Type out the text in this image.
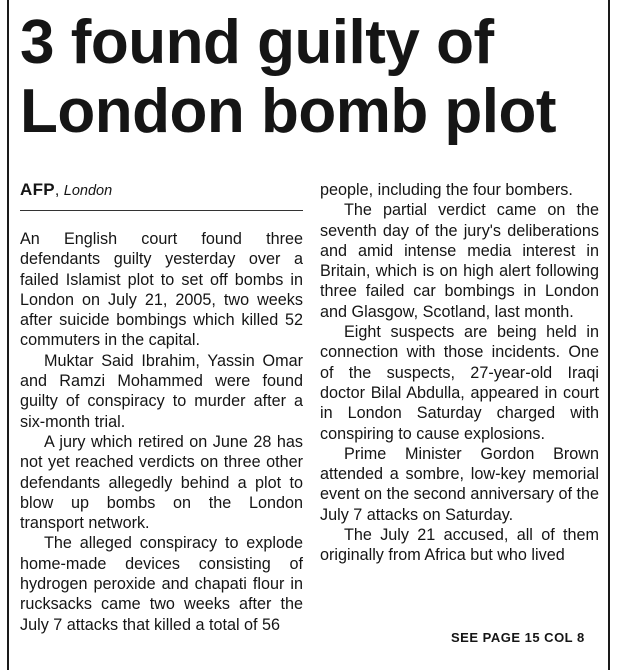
3 found guilty of
London bomb plot
AFP, London

An English court found three defendants guilty yesterday over a failed Islamist plot to set off bombs in London on July 21, 2005, two weeks after suicide bombings which killed 52 commuters in the capital.

Muktar Said Ibrahim, Yassin Omar and Ramzi Mohammed were found guilty of conspiracy to murder after a six-month trial.

A jury which retired on June 28 has not yet reached verdicts on three other defendants allegedly behind a plot to blow up bombs on the London transport network.

The alleged conspiracy to explode home-made devices consisting of hydrogen peroxide and chapati flour in rucksacks came two weeks after the July 7 attacks that killed a total of 56

people, including the four bombers.

The partial verdict came on the seventh day of the jury's deliberations and amid intense media interest in Britain, which is on high alert following three failed car bombings in London and Glasgow, Scotland, last month.

Eight suspects are being held in connection with those incidents. One of the suspects, 27-year-old Iraqi doctor Bilal Abdulla, appeared in court in London Saturday charged with conspiring to cause explosions.

Prime Minister Gordon Brown attended a sombre, low-key memorial event on the second anniversary of the July 7 attacks on Saturday.

The July 21 accused, all of them originally from Africa but who lived

SEE PAGE 15 COL 8
